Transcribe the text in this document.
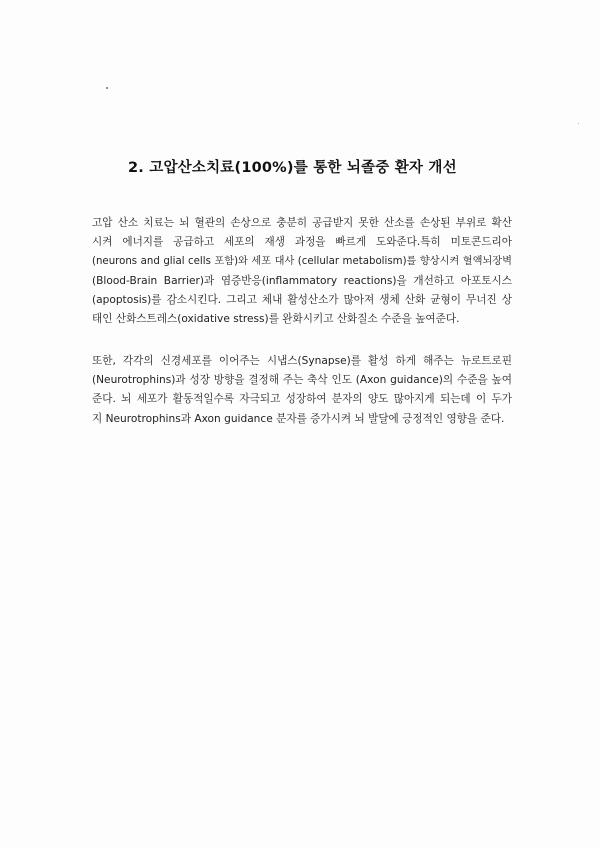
2. 고압산소치료(100%)를 통한 뇌졸중 환자 개선
고압 산소 치료는 뇌 혈관의 손상으로 충분히 공급받지 못한 산소를 손상된 부위로 확산
시켜 에너지를 공급하고 세포의 재생 과정을 빠르게 도와준다.특히 미토콘드리아
(neurons and glial cells 포함)와 세포 대사 (cellular metabolism)를 향상시켜 혈액뇌장벽
(Blood-Brain Barrier)과 염증반응(inflammatory reactions)을 개선하고 아포토시스
(apoptosis)를 감소시킨다. 그리고 체내 활성산소가 많아져 생체 산화 균형이 무너진 상
태인 산화스트레스(oxidative stress)를 완화시키고 산화질소 수준을 높여준다.
또한, 각각의 신경세포를 이어주는 시냅스(Synapse)를 활성 하게 해주는 뉴로트로핀
(Neurotrophins)과 성장 방향을 결정해 주는 축삭 인도 (Axon guidance)의 수준을 높여
준다. 뇌 세포가 활동적일수록 자극되고 성장하여 분자의 양도 많아지게 되는데 이 두가
지 Neurotrophins과 Axon guidance 분자를 증가시켜 뇌 발달에 긍정적인 영향을 준다.
